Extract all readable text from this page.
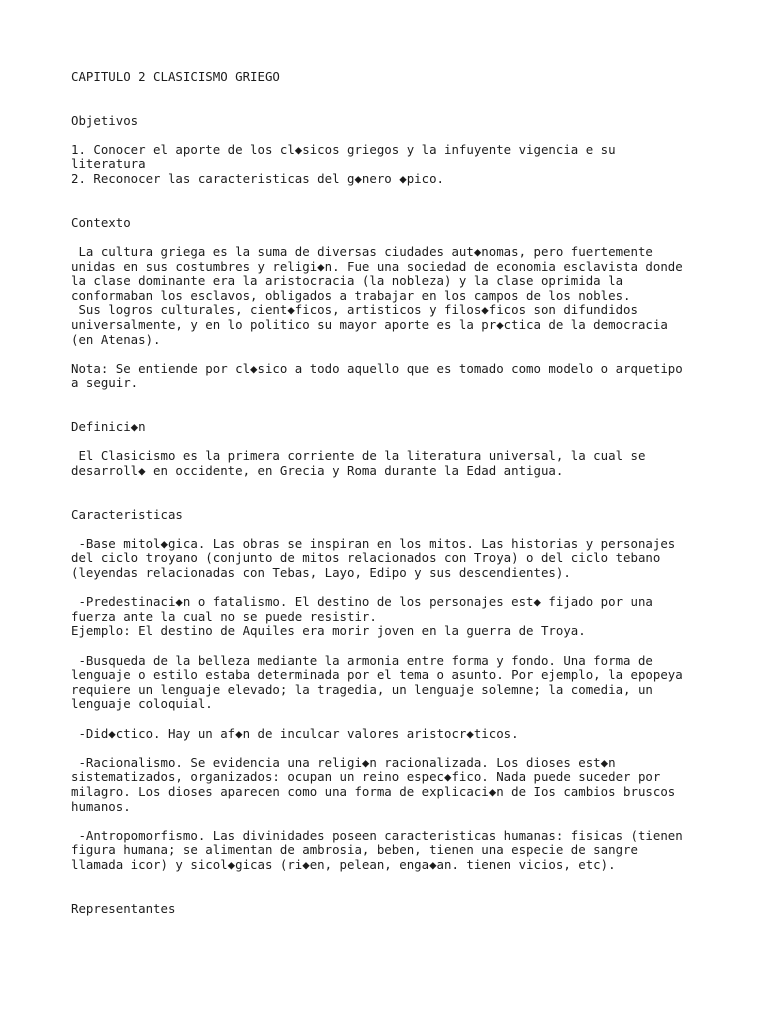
CAPITULO 2 CLASICISMO GRIEGO
Objetivos
1. Conocer el aporte de los cl◆sicos griegos y la infuyente vigencia e su
literatura
2. Reconocer las caracteristicas del g◆nero ◆pico.
Contexto
La cultura griega es la suma de diversas ciudades aut◆nomas, pero fuertemente
unidas en sus costumbres y religi◆n. Fue una sociedad de economia esclavista donde
la clase dominante era la aristocracia (la nobleza) y la clase oprimida la
conformaban los esclavos, obligados a trabajar en los campos de los nobles.
Sus logros culturales, cient◆ficos, artisticos y filos◆ficos son difundidos
universalmente, y en lo politico su mayor aporte es la pr◆ctica de la democracia
(en Atenas).
Nota: Se entiende por cl◆sico a todo aquello que es tomado como modelo o arquetipo
a seguir.
Definici◆n
El Clasicismo es la primera corriente de la literatura universal, la cual se
desarroll◆ en occidente, en Grecia y Roma durante la Edad antigua.
Caracteristicas
-Base mitol◆gica. Las obras se inspiran en los mitos. Las historias y personajes
del ciclo troyano (conjunto de mitos relacionados con Troya) o del ciclo tebano
(leyendas relacionadas con Tebas, Layo, Edipo y sus descendientes).
-Predestinaci◆n o fatalismo. El destino de los personajes est◆ fijado por una
fuerza ante la cual no se puede resistir.
Ejemplo: El destino de Aquiles era morir joven en la guerra de Troya.
-Busqueda de la belleza mediante la armonia entre forma y fondo. Una forma de
lenguaje o estilo estaba determinada por el tema o asunto. Por ejemplo, la epopeya
requiere un lenguaje elevado; la tragedia, un lenguaje solemne; la comedia, un
lenguaje coloquial.
-Did◆ctico. Hay un af◆n de inculcar valores aristocr◆ticos.
-Racionalismo. Se evidencia una religi◆n racionalizada. Los dioses est◆n
sistematizados, organizados: ocupan un reino espec◆fico. Nada puede suceder por
milagro. Los dioses aparecen como una forma de explicaci◆n de Ios cambios bruscos
humanos.
-Antropomorfismo. Las divinidades poseen caracteristicas humanas: fisicas (tienen
figura humana; se alimentan de ambrosia, beben, tienen una especie de sangre
llamada icor) y sicol◆gicas (ri◆en, pelean, enga◆an. tienen vicios, etc).
Representantes
